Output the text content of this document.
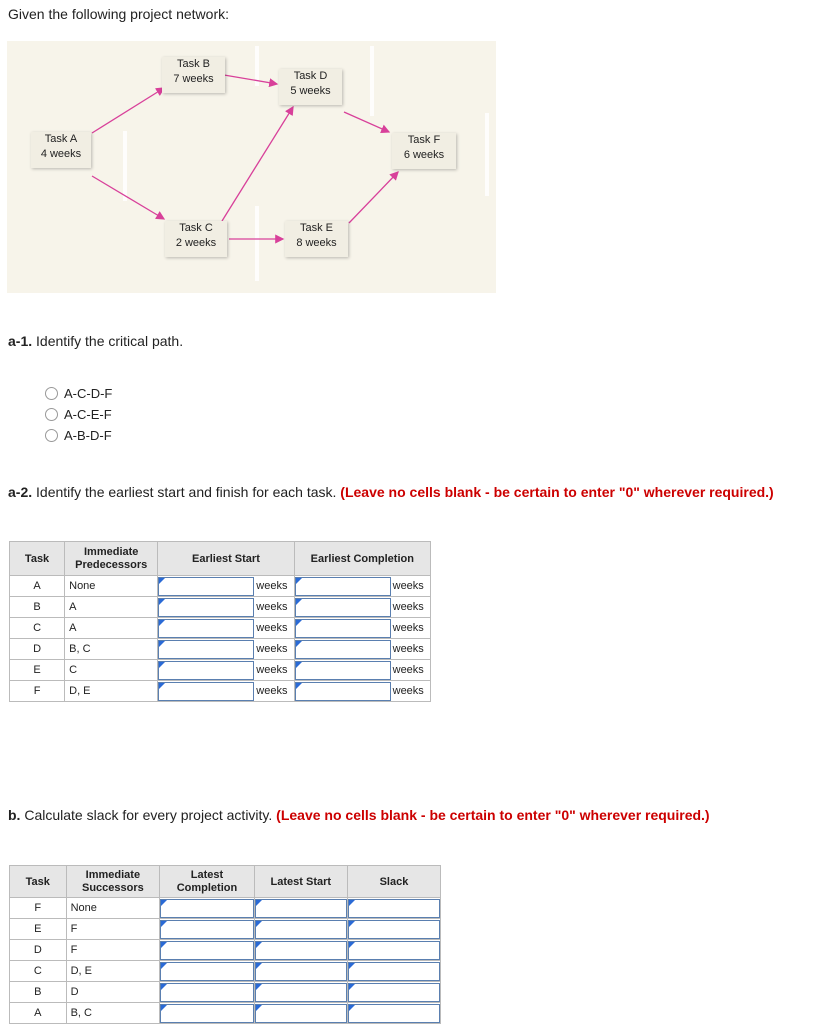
Given the following project network:
Task B
7 weeks	Task D
5 weeks
Task A
4 weeks
Task F
6 weeks
Task C
2 weeks
Task E
8 weeks
a-1. Identify the critical path.
A-C-D-F
A-C-E-F
A-B-D-F
a-2. Identify the earliest start and finish for each task. (Leave no cells blank - be certain to enter "0" wherever required.)
Task	Immediate Predecessors	Earliest Start	Earliest Completion
A	None	weeks	weeks

B	A	weeks	weeks

C	A	weeks	weeks

D	B, C	weeks	weeks

E	C	weeks	weeks

F	D, E	weeks	weeks
b. Calculate slack for every project activity. (Leave no cells blank - be certain to enter "0" wherever required.)
Task	Immediate Successors	Latest Completion	Latest Start	Slack
F	None	

E	F	

D	F	

C	D, E	

B	D	

A	B, C	
